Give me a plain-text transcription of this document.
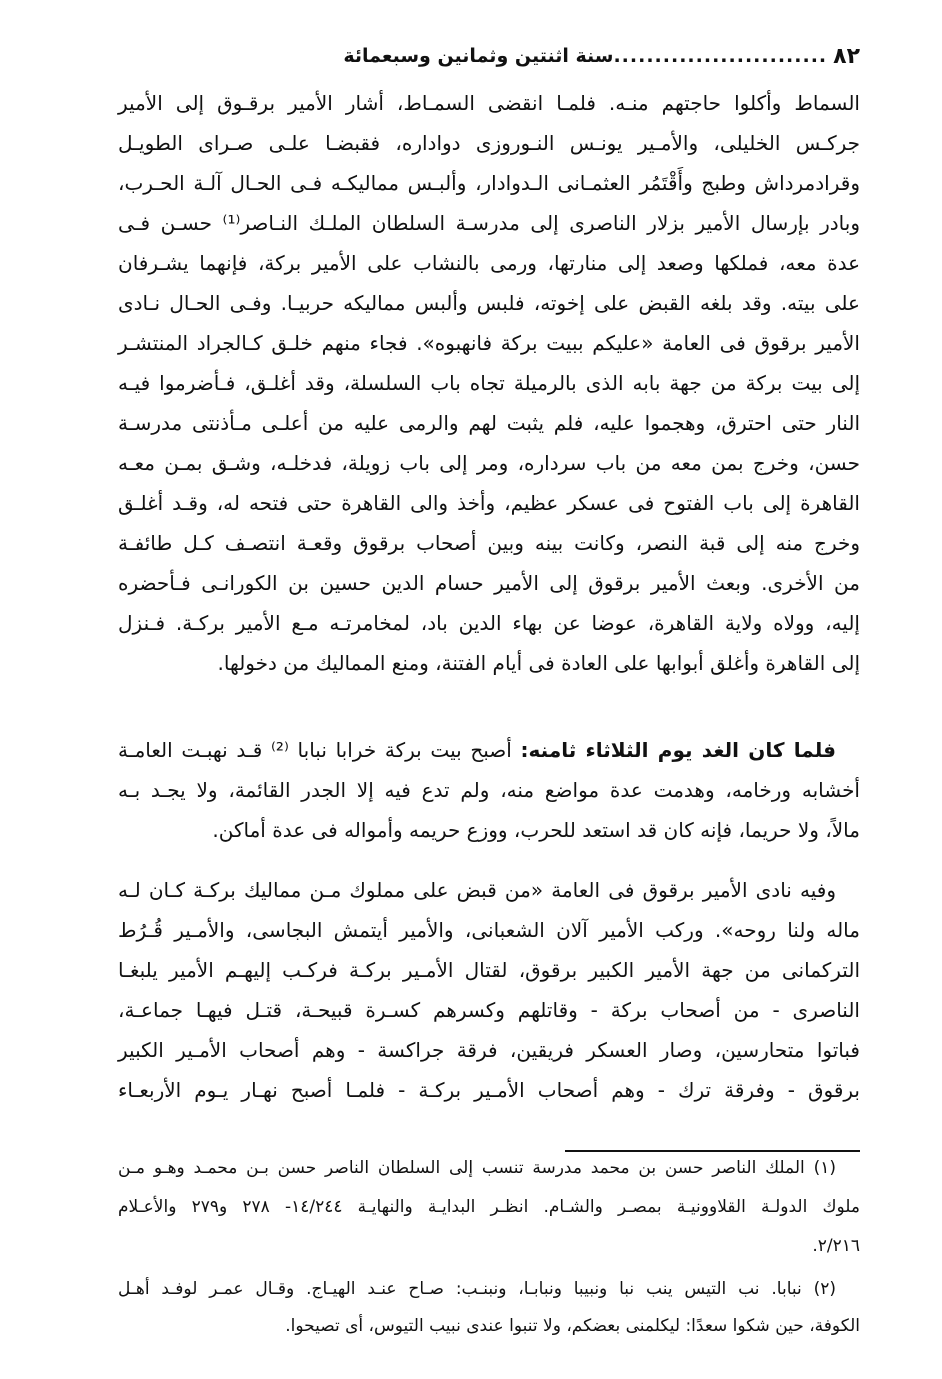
٨٢
..........................
سنة اثنتين وثمانين وسبعمائة
السماط وأكلوا حاجتهم منـه. فلمـا انقضى السمـاط، أشار الأمير برقـوق إلى الأمير
جركـس الخليلى، والأمـير يونـس النـوروزى دواداره، فقبضـا علـى صـراى الطويـل
وقرادمرداش وطبج وأَقْتَمُر العثمـانى الـدوادار، وألبـس مماليكـه فـى الحـال آلـة الحـرب،
وبادر بإرسال الأمير بزلار الناصرى إلى مدرسـة السلطان الملـك النـاصر⁽¹⁾ حسـن فـى
عدة معه، فملكها وصعد إلى منارتها، ورمى بالنشاب على الأمير بركة، فإنهما يشـرفان
على بيته. وقد بلغه القبض على إخوته، فلبس وألبس مماليكه حربيـا. وفـى الحـال نـادى
الأمير برقوق فى العامة «عليكم ببيت بركة فانهبوه». فجاء منهم خلـق كـالجراد المنتشـر
إلى بيت بركة من جهة بابه الذى بالرميلة تجاه باب السلسلة، وقد أغلـق، فـأضرموا فيـه
النار حتى احترق، وهجموا عليه، فلم يثبت لهم والرمى عليه من أعلـى مـأذنتى مدرسـة
حسن، وخرج بمن معه من باب سرداره، ومر إلى باب زويلة، فدخلـه، وشـق بمـن معـه
القاهرة إلى باب الفتوح فى عسكر عظيم، وأخذ والى القاهرة حتى فتحه له، وقـد أغلـق
وخرج منه إلى قبة النصر، وكانت بينه وبين أصحاب برقوق وقعـة انتصـف كـل طائفـة
من الأخرى. وبعث الأمير برقوق إلى الأمير حسام الدين حسين بن الكورانـى فـأحضره
إليه، وولاه ولاية القاهرة، عوضا عن بهاء الدين باد، لمخامرتـه مـع الأمير بركـة. فـنزل
إلى القاهرة وأغلق أبوابها على العادة فى أيام الفتنة، ومنع المماليك من دخولها.
فلما كان الغد يوم الثلاثاء ثامنه: أصبح بيت بركة خرابا نبابا ⁽²⁾ قـد نهبـت العامـة
أخشابه ورخامه، وهدمت عدة مواضع منه، ولم تدع فيه إلا الجدر القائمة، ولا يجـد بـه
مالاً، ولا حريما، فإنه كان قد استعد للحرب، ووزع حريمه وأمواله فى عدة أماكن.
وفيه نادى الأمير برقوق فى العامة «من قبض على مملوك مـن مماليك بركـة كـان لـه
ماله ولنا روحه». وركب الأمير آلان الشعبانى، والأمير أيتمش البجاسى، والأمـير قُـرُط
التركمانى من جهة الأمير الكبير برقوق، لقتال الأمـير بركـة فركـب إليهـم الأمير يلبغـا
الناصرى - من أصحاب بركة - وقاتلهم وكسرهم كسـرة قبيحـة، قتـل فيهـا جماعـة،
فباتوا متحارسين، وصار العسكر فريقين، فرقة جراكسة - وهم أصحاب الأمـير الكبير
برقوق - وفرقة ترك - وهم أصحاب الأمـير بركـة - فلمـا أصبح نهـار يـوم الأربعـاء
(١) الملك الناصر حسن بن محمد مدرسة تنسب إلى السلطان الناصر حسن بـن محمـد وهـو مـن
ملوك الدولـة القلاوونيـة بمصـر والشـام. انظـر البدايـة والنهايـة ١٤/٢٤٤- ٢٧٨ و٢٧٩ والأعـلام
٢/٢١٦.
(٢) نبابا. نب التيس ينب نبا ونبيبا ونبابـا، ونبنـب: صـاح عنـد الهيـاج. وقـال عمـر لوفـد أهـل
الكوفة، حين شكوا سعدًا: ليكلمنى بعضكم، ولا تنبوا عندى نبيب التيوس، أى تصيحوا.
